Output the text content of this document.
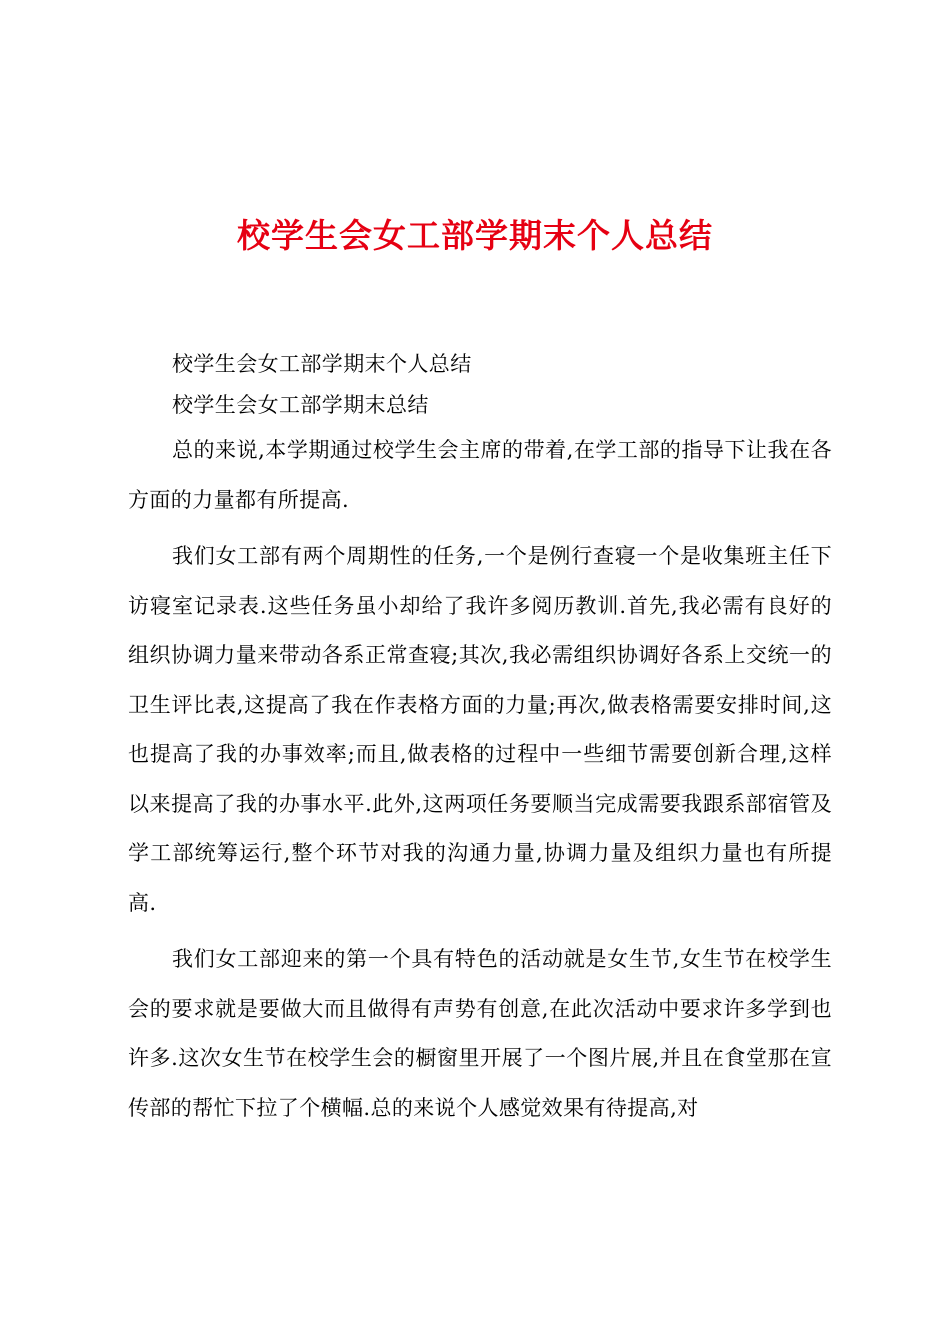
校学生会女工部学期末个人总结

校学生会女工部学期末个人总结

校学生会女工部学期末总结

总的来说,本学期通过校学生会主席的带着,在学工部的指导下让我在各方面的力量都有所提高.

我们女工部有两个周期性的任务,一个是例行查寝一个是收集班主任下访寝室记录表.这些任务虽小却给了我许多阅历教训.首先,我必需有良好的组织协调力量来带动各系正常查寝;其次,我必需组织协调好各系上交统一的卫生评比表,这提高了我在作表格方面的力量;再次,做表格需要安排时间,这也提高了我的办事效率;而且,做表格的过程中一些细节需要创新合理,这样以来提高了我的办事水平.此外,这两项任务要顺当完成需要我跟系部宿管及学工部统筹运行,整个环节对我的沟通力量,协调力量及组织力量也有所提高.

我们女工部迎来的第一个具有特色的活动就是女生节,女生节在校学生会的要求就是要做大而且做得有声势有创意,在此次活动中要求许多学到也许多.这次女生节在校学生会的橱窗里开展了一个图片展,并且在食堂那在宣传部的帮忙下拉了个横幅.总的来说个人感觉效果有待提高,对
